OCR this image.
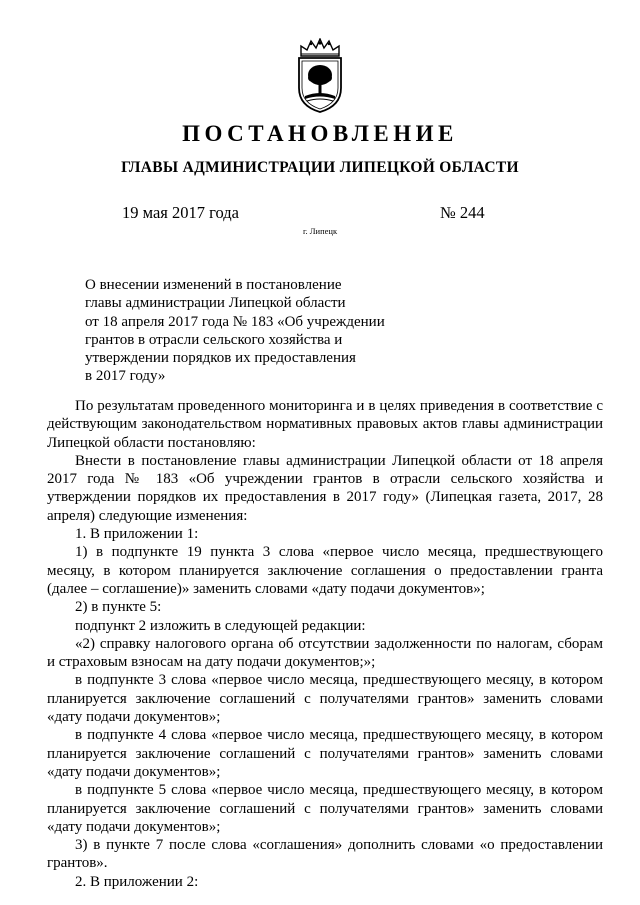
ПОСТАНОВЛЕНИЕ
ГЛАВЫ АДМИНИСТРАЦИИ ЛИПЕЦКОЙ ОБЛАСТИ
19 мая 2017 года	№ 244
г. Липецк
О внесении изменений в постановление
главы администрации Липецкой области
от 18 апреля 2017 года № 183 «Об учреждении
грантов в отрасли сельского хозяйства и
утверждении порядков их предоставления
в 2017 году»

По результатам проведенного мониторинга и в целях приведения в соответствие с действующим законодательством нормативных правовых актов главы администрации Липецкой области постановляю:

Внести в постановление главы администрации Липецкой области от 18 апреля 2017 года № 183 «Об учреждении грантов в отрасли сельского хозяйства и утверждении порядков их предоставления в 2017 году» (Липецкая газета, 2017, 28 апреля) следующие изменения:

1. В приложении 1:

1) в подпункте 19 пункта 3 слова «первое число месяца, предшествующего месяцу, в котором планируется заключение соглашения о предоставлении гранта (далее – соглашение)» заменить словами «дату подачи документов»;

2) в пункте 5:

подпункт 2 изложить в следующей редакции:

«2) справку налогового органа об отсутствии задолженности по налогам, сборам и страховым взносам на дату подачи документов;»;

в подпункте 3 слова «первое число месяца, предшествующего месяцу, в котором планируется заключение соглашений с получателями грантов» заменить словами «дату подачи документов»;

в подпункте 4 слова «первое число месяца, предшествующего месяцу, в котором планируется заключение соглашений с получателями грантов» заменить словами «дату подачи документов»;

в подпункте 5 слова «первое число месяца, предшествующего месяцу, в котором планируется заключение соглашений с получателями грантов» заменить словами «дату подачи документов»;

3) в пункте 7 после слова «соглашения» дополнить словами «о предоставлении грантов».

2. В приложении 2:
